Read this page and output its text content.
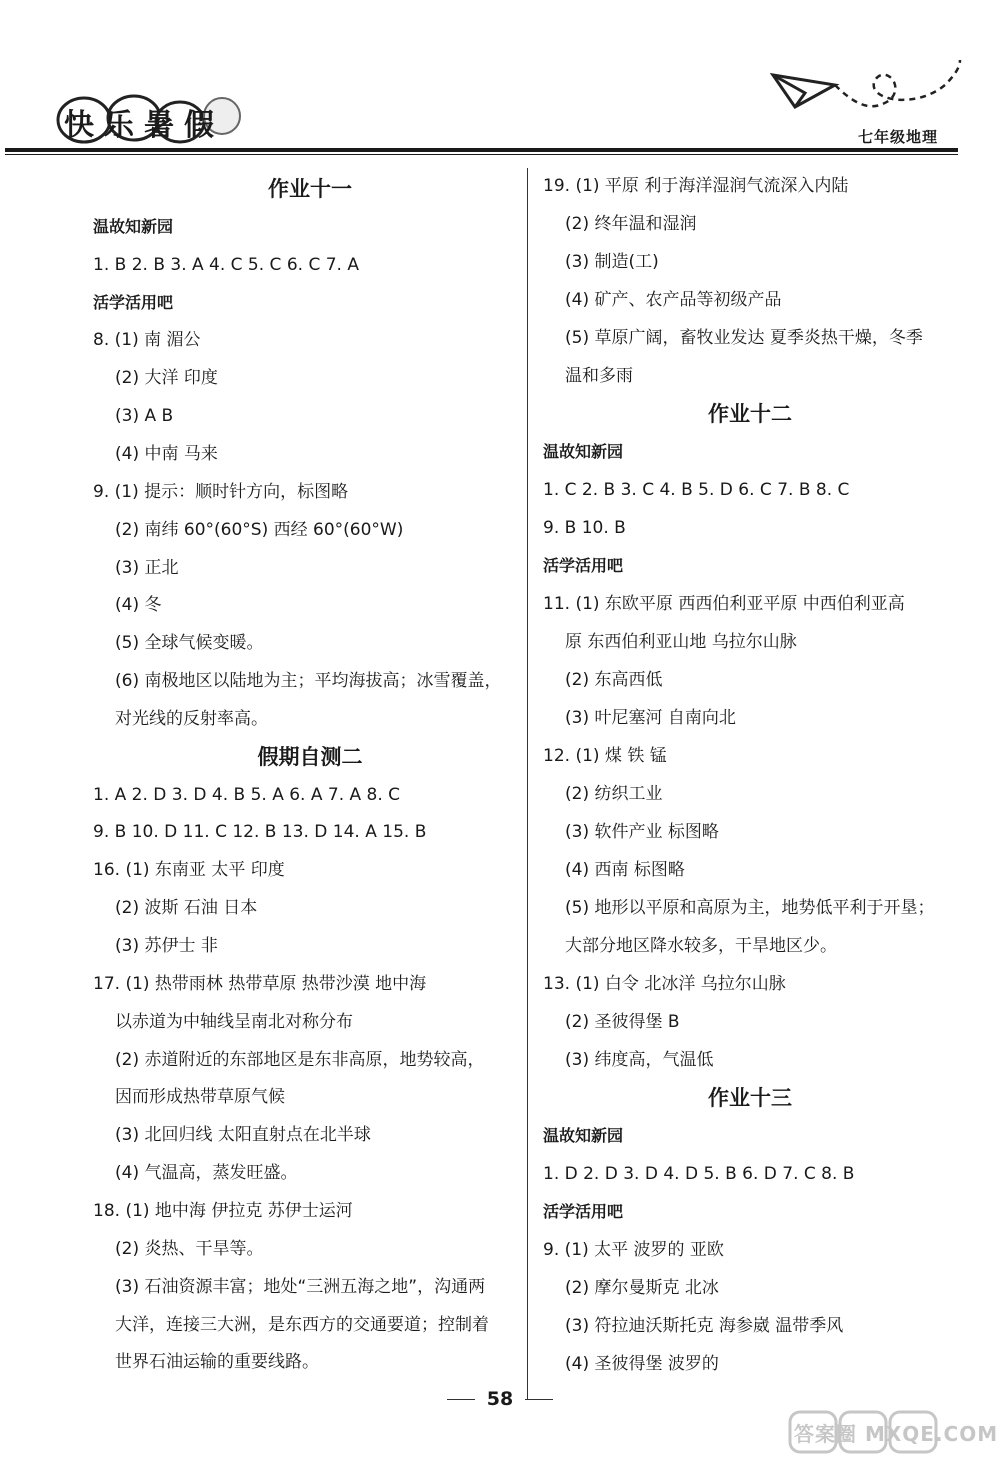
快乐暑假	七年级地理
作业十一
温故知新园
1. B 2. B 3. A 4. C 5. C 6. C 7. A
活学活用吧
8. (1) 南 湄公
(2) 大洋 印度
(3) A B
(4) 中南 马来
9. (1) 提示：顺时针方向，标图略
(2) 南纬 60°(60°S) 西经 60°(60°W)
(3) 正北
(4) 冬
(5) 全球气候变暖。
(6) 南极地区以陆地为主；平均海拔高；冰雪覆盖，
对光线的反射率高。
假期自测二
1. A 2. D 3. D 4. B 5. A 6. A 7. A 8. C
9. B 10. D 11. C 12. B 13. D 14. A 15. B
16. (1) 东南亚 太平 印度
(2) 波斯 石油 日本
(3) 苏伊士 非
17. (1) 热带雨林 热带草原 热带沙漠 地中海
以赤道为中轴线呈南北对称分布
(2) 赤道附近的东部地区是东非高原，地势较高，
因而形成热带草原气候
(3) 北回归线 太阳直射点在北半球
(4) 气温高，蒸发旺盛。
18. (1) 地中海 伊拉克 苏伊士运河
(2) 炎热、干旱等。
(3) 石油资源丰富；地处“三洲五海之地”，沟通两
大洋，连接三大洲，是东西方的交通要道；控制着
世界石油运输的重要线路。
19. (1) 平原 利于海洋湿润气流深入内陆
(2) 终年温和湿润
(3) 制造(工)
(4) 矿产、农产品等初级产品
(5) 草原广阔，畜牧业发达 夏季炎热干燥，冬季
温和多雨
作业十二
温故知新园
1. C 2. B 3. C 4. B 5. D 6. C 7. B 8. C
9. B 10. B
活学活用吧
11. (1) 东欧平原 西西伯利亚平原 中西伯利亚高
原 东西伯利亚山地 乌拉尔山脉
(2) 东高西低
(3) 叶尼塞河 自南向北
12. (1) 煤 铁 锰
(2) 纺织工业
(3) 软件产业 标图略
(4) 西南 标图略
(5) 地形以平原和高原为主，地势低平利于开垦；
大部分地区降水较多，干旱地区少。
13. (1) 白令 北冰洋 乌拉尔山脉
(2) 圣彼得堡 B
(3) 纬度高，气温低
作业十三
温故知新园
1. D 2. D 3. D 4. D 5. B 6. D 7. C 8. B
活学活用吧
9. (1) 太平 波罗的 亚欧
(2) 摩尔曼斯克 北冰
(3) 符拉迪沃斯托克 海参崴 温带季风
(4) 圣彼得堡 波罗的
58
答案圈 MXQE.COM
